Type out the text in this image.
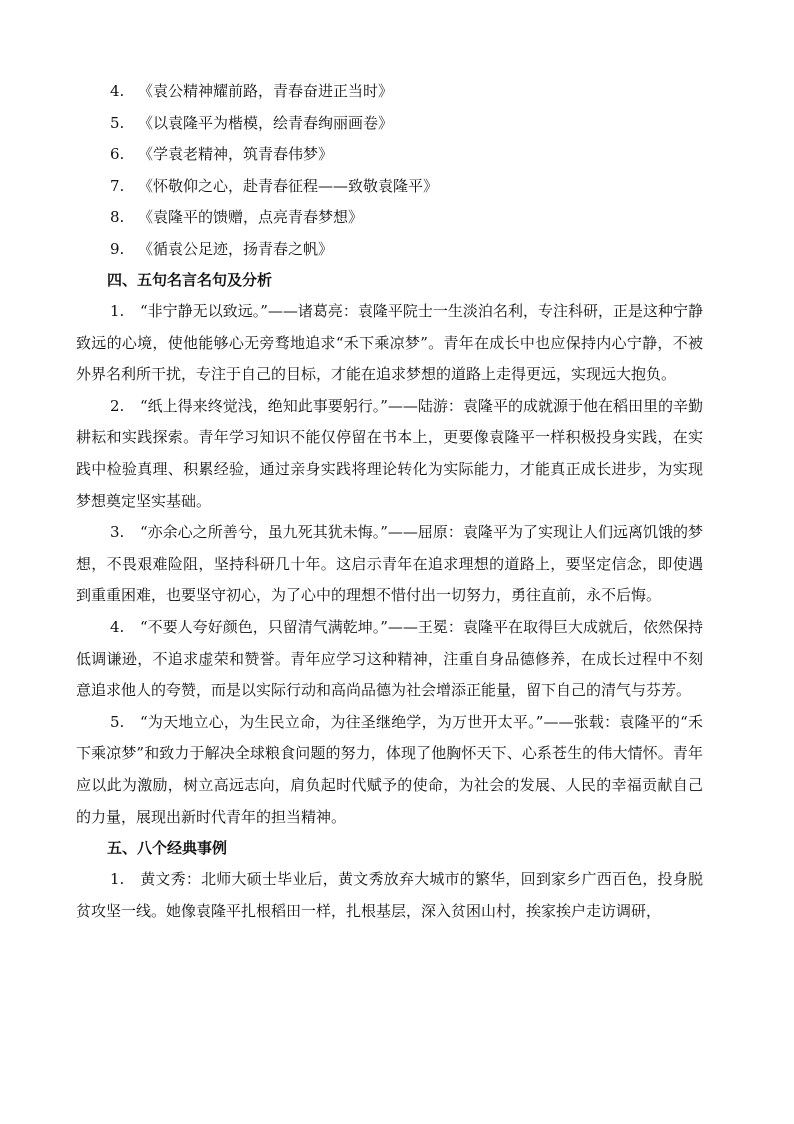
4. 《袁公精神耀前路，青春奋进正当时》
5. 《以袁隆平为楷模，绘青春绚丽画卷》
6. 《学袁老精神，筑青春伟梦》
7. 《怀敬仰之心，赴青春征程——致敬袁隆平》
8. 《袁隆平的馈赠，点亮青春梦想》
9. 《循袁公足迹，扬青春之帆》
四、五句名言名句及分析

1. “非宁静无以致远。”——诸葛亮：袁隆平院士一生淡泊名利，专注科研，正是这种宁静致远的心境，使他能够心无旁骛地追求“禾下乘凉梦”。青年在成长中也应保持内心宁静，不被外界名利所干扰，专注于自己的目标，才能在追求梦想的道路上走得更远，实现远大抱负。

2. “纸上得来终觉浅，绝知此事要躬行。”——陆游：袁隆平的成就源于他在稻田里的辛勤耕耘和实践探索。青年学习知识不能仅停留在书本上，更要像袁隆平一样积极投身实践，在实践中检验真理、积累经验，通过亲身实践将理论转化为实际能力，才能真正成长进步，为实现梦想奠定坚实基础。

3. “亦余心之所善兮，虽九死其犹未悔。”——屈原：袁隆平为了实现让人们远离饥饿的梦想，不畏艰难险阻，坚持科研几十年。这启示青年在追求理想的道路上，要坚定信念，即使遇到重重困难，也要坚守初心，为了心中的理想不惜付出一切努力，勇往直前，永不后悔。

4. “不要人夸好颜色，只留清气满乾坤。”——王冕：袁隆平在取得巨大成就后，依然保持低调谦逊，不追求虚荣和赞誉。青年应学习这种精神，注重自身品德修养，在成长过程中不刻意追求他人的夸赞，而是以实际行动和高尚品德为社会增添正能量，留下自己的清气与芬芳。

5. “为天地立心，为生民立命，为往圣继绝学，为万世开太平。”——张载：袁隆平的“禾下乘凉梦”和致力于解决全球粮食问题的努力，体现了他胸怀天下、心系苍生的伟大情怀。青年应以此为激励，树立高远志向，肩负起时代赋予的使命，为社会的发展、人民的幸福贡献自己的力量，展现出新时代青年的担当精神。

五、八个经典事例

1. 黄文秀：北师大硕士毕业后，黄文秀放弃大城市的繁华，回到家乡广西百色，投身脱贫攻坚一线。她像袁隆平扎根稻田一样，扎根基层，深入贫困山村，挨家挨户走访调研，
